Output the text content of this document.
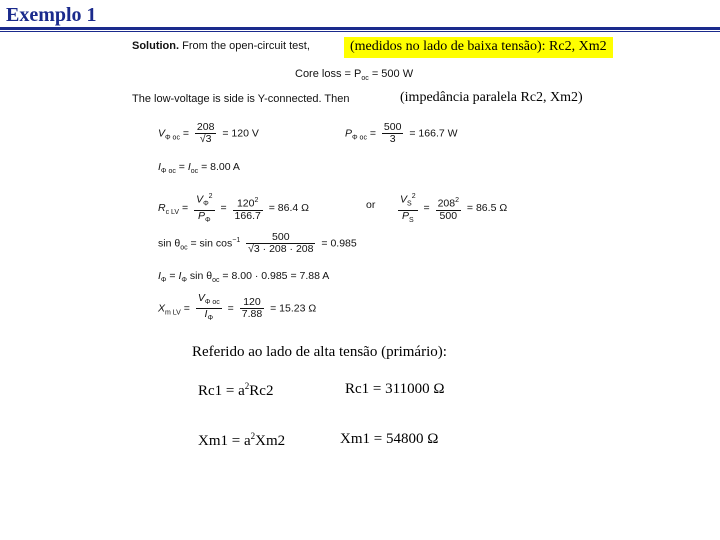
Exemplo 1
Solution. From the open-circuit test,	(medidos no lado de baixa tensão): Rc2, Xm2
Core loss = $P_{oc} = 500$ W
The low-voltage is side is Y-connected. Then	(impedância paralela Rc2, Xm2)
$V_{\Phi oc} = \frac{208}{√3} = 120$ V	$P_{\Phi oc} = \frac{500}{3} = 166.7$ W
$I_{\Phi oc} = I_{oc} = 8.00$ A
$R_{c LV} = \frac{V_\Phi^2}{P_\Phi} = \frac{120^2}{166.7} = 86.4$ Ω	or $\frac{V_S^2}{P_S} = \frac{208^2}{500} = 86.5$ Ω
$\sin \theta_{oc} = \sin \cos^{-1} \frac{500}{√3 \cdot 208 \cdot 208} = 0.985$
$I_\Phi = I_\Phi$ $\sin \theta_{oc} = 8.00 \cdot 0.985 = 7.88$ A
$X_{m LV} = \frac{V_{\Phi oc}}{I_\Phi} = \frac{120}{7.88} = 15.23$ Ω
Referido ao lado de alta tensão (primário):
$Rc1 = a^2Rc2$	Rc1 = 311000 Ω
$Xm1 = a^2Xm2$	Xm1 = 54800 Ω
